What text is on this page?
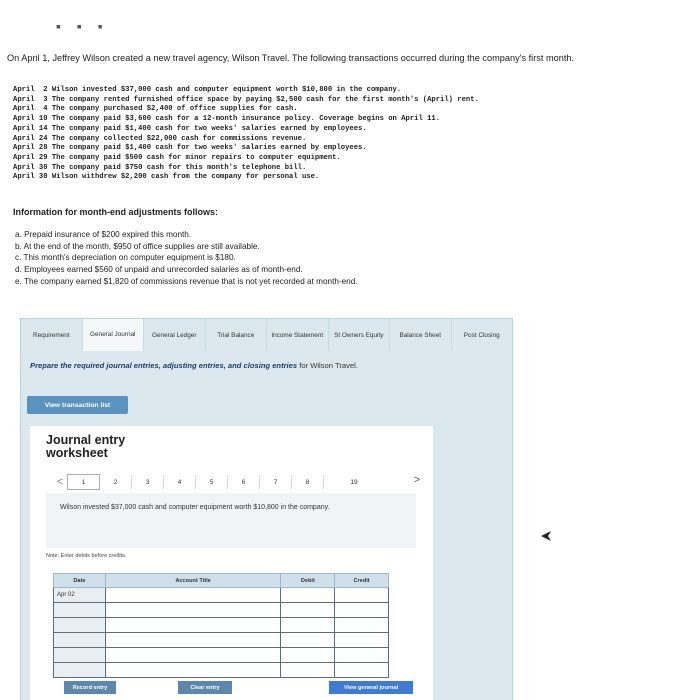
▪ ▪ ▪
On April 1, Jeffrey Wilson created a new travel agency, Wilson Travel. The following transactions occurred during the company's first month.
April  2 Wilson invested $37,000 cash and computer equipment worth $10,800 in the company.
April  3 The company rented furnished office space by paying $2,500 cash for the first month's (April) rent.
April  4 The company purchased $2,400 of office supplies for cash.
April 10 The company paid $3,600 cash for a 12-month insurance policy. Coverage begins on April 11.
April 14 The company paid $1,400 cash for two weeks' salaries earned by employees.
April 24 The company collected $22,000 cash for commissions revenue.
April 28 The company paid $1,400 cash for two weeks' salaries earned by employees.
April 29 The company paid $500 cash for minor repairs to computer equipment.
April 30 The company paid $750 cash for this month's telephone bill.
April 30 Wilson withdrew $2,200 cash from the company for personal use.
Information for month-end adjustments follows:
a. Prepaid insurance of $200 expired this month.
b. At the end of the month, $950 of office supplies are still available.
c. This month's depreciation on computer equipment is $180.
d. Employees earned $560 of unpaid and unrecorded salaries as of month-end.
e. The company earned $1,820 of commissions revenue that is not yet recorded at month-end.
Requirement	General Journal	General Ledger	Trial Balance	Income Statement	St Owners Equity	Balance Sheet	Post Closing
Prepare the required journal entries, adjusting entries, and closing entries for Wilson Travel.
View transaction list
Journal entry
worksheet
<	1	2	3	4	5	6	7	8	19	>
Wilson invested $37,000 cash and computer equipment worth $10,800 in the company.
Note: Enter debits before credits.
Date	Account Title	Debit	Credit
Apr 02			

Record entry	Clear entry	View general journal
